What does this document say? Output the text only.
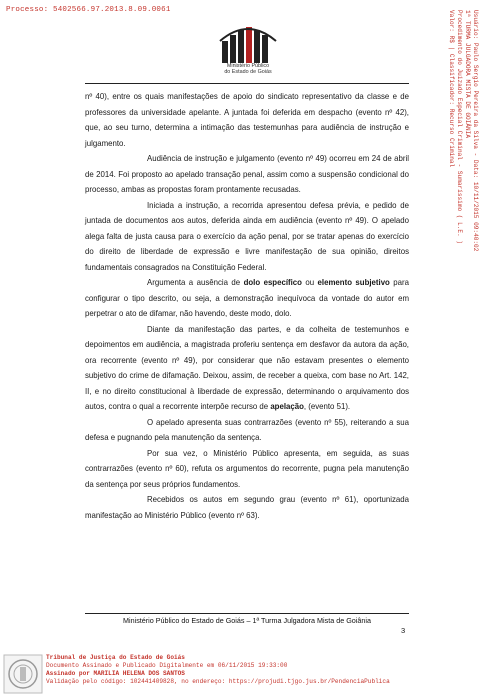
Processo: 5402566.97.2013.8.09.0061
Ministério Público
do Estado de Goiás	Valor: R$ | Classificador: Recurso Criminal Procedimento do Juizado Especial Criminal - Sumaríssimo ( L.E. ) 1ª TURMA JULGADORA MISTA DE GOIÂNIA Usuário: Paulo Sergio Pereira da Silva - Data: 10/11/2015 09:40:02

nº 40), entre os quais manifestações de apoio do sindicato representativo da classe e de professores da universidade apelante. A juntada foi deferida em despacho (evento nº 42), que, ao seu turno, determina a intimação das testemunhas para audiência de instrução e julgamento.

Audiência de instrução e julgamento (evento nº 49) ocorreu em 24 de abril de 2014. Foi proposto ao apelado transação penal, assim como a suspensão condicional do processo, ambas as propostas foram prontamente recusadas.

Iniciada a instrução, a recorrida apresentou defesa prévia, e pedido de juntada de documentos aos autos, deferida ainda em audiência (evento nº 49). O apelado alega falta de justa causa para o exercício da ação penal, por se tratar apenas do exercício do direito de liberdade de expressão e livre manifestação de sua opinião, direitos fundamentais consagrados na Constituição Federal.

Argumenta a ausência de dolo específico ou elemento subjetivo para configurar o tipo descrito, ou seja, a demonstração inequívoca da vontade do autor em perpetrar o ato de difamar, não havendo, deste modo, dolo.

Diante da manifestação das partes, e da colheita de testemunhos e depoimentos em audiência, a magistrada proferiu sentença em desfavor da autora da ação, ora recorrente (evento nº 49), por considerar que não estavam presentes o elemento subjetivo do crime de difamação. Deixou, assim, de receber a queixa, com base no Art. 142, II, e no direito constitucional à liberdade de expressão, determinando o arquivamento dos autos, contra o qual a recorrente interpôe recurso de apelação, (evento 51).

O apelado apresenta suas contrarrazões (evento nº 55), reiterando a sua defesa e pugnando pela manutenção da sentença.

Por sua vez, o Ministério Público apresenta, em seguida, as suas contrarrazões (evento nº 60), refuta os argumentos do recorrente, pugna pela manutenção da sentença por seus próprios fundamentos.

Recebidos os autos em segundo grau (evento nº 61), oportunizada manifestação ao Ministério Público (evento nº 63).

Ministério Público do Estado de Goiás – 1ª Turma Julgadora Mista de Goiânia
3
Tribunal de Justiça do Estado de Goiás
Documento Assinado e Publicado Digitalmente em 06/11/2015 19:33:00
Assinado por MARILIA HELENA DOS SANTOS
Validação pelo código: 102441409828, no endereço: https://projudi.tjgo.jus.br/PendenciaPublica
